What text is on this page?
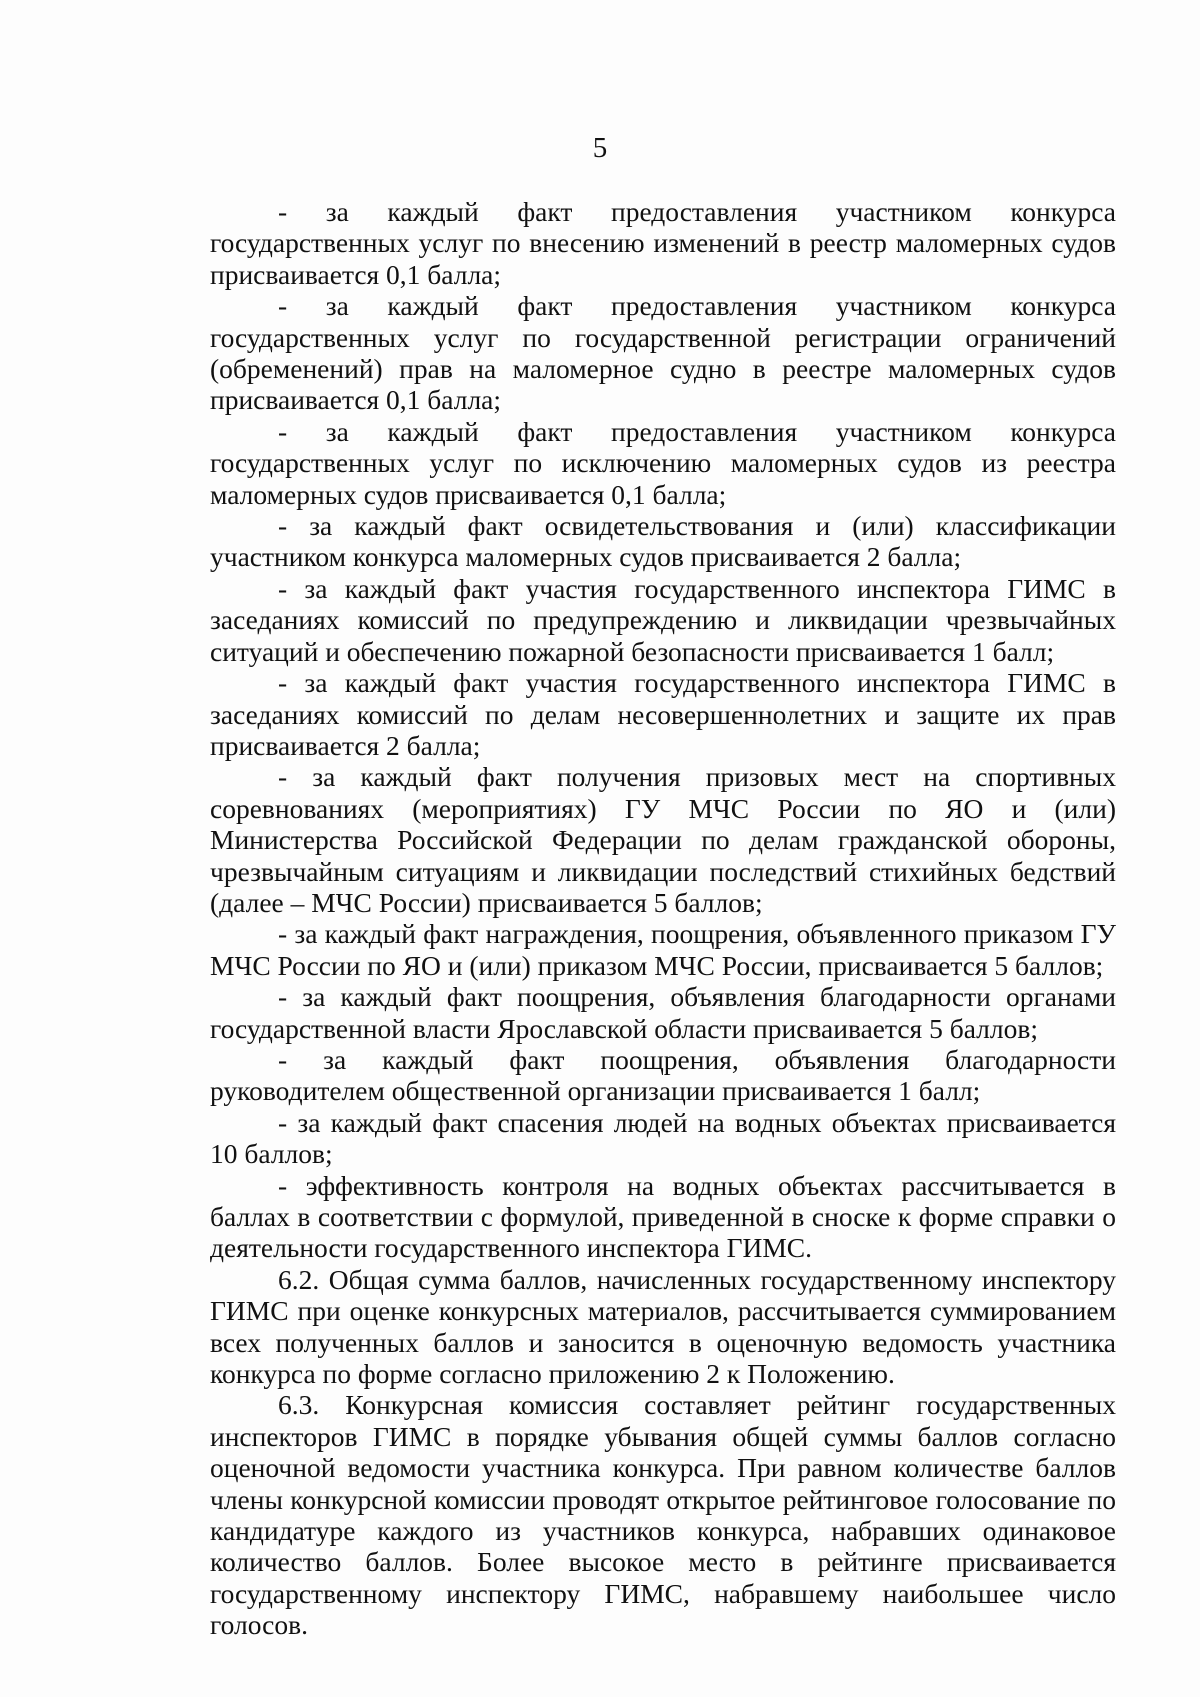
5

- за каждый факт предоставления участником конкурса государственных услуг по внесению изменений в реестр маломерных судов присваивается 0,1 балла;

- за каждый факт предоставления участником конкурса государственных услуг по государственной регистрации ограничений (обременений) прав на маломерное судно в реестре маломерных судов присваивается 0,1 балла;

- за каждый факт предоставления участником конкурса государственных услуг по исключению маломерных судов из реестра маломерных судов присваивается 0,1 балла;

- за каждый факт освидетельствования и (или) классификации участником конкурса маломерных судов присваивается 2 балла;

- за каждый факт участия государственного инспектора ГИМС в заседаниях комиссий по предупреждению и ликвидации чрезвычайных ситуаций и обеспечению пожарной безопасности присваивается 1 балл;

- за каждый факт участия государственного инспектора ГИМС в заседаниях комиссий по делам несовершеннолетних и защите их прав присваивается 2 балла;

- за каждый факт получения призовых мест на спортивных соревнованиях (мероприятиях) ГУ МЧС России по ЯО и (или) Министерства Российской Федерации по делам гражданской обороны, чрезвычайным ситуациям и ликвидации последствий стихийных бедствий (далее – МЧС России) присваивается 5 баллов;

- за каждый факт награждения, поощрения, объявленного приказом ГУ МЧС России по ЯО и (или) приказом МЧС России, присваивается 5 баллов;

- за каждый факт поощрения, объявления благодарности органами государственной власти Ярославской области присваивается 5 баллов;

- за каждый факт поощрения, объявления благодарности руководителем общественной организации присваивается 1 балл;

- за каждый факт спасения людей на водных объектах присваивается 10 баллов;

- эффективность контроля на водных объектах рассчитывается в баллах в соответствии с формулой, приведенной в сноске к форме справки о деятельности государственного инспектора ГИМС.

6.2. Общая сумма баллов, начисленных государственному инспектору ГИМС при оценке конкурсных материалов, рассчитывается суммированием всех полученных баллов и заносится в оценочную ведомость участника конкурса по форме согласно приложению 2 к Положению.

6.3. Конкурсная комиссия составляет рейтинг государственных инспекторов ГИМС в порядке убывания общей суммы баллов согласно оценочной ведомости участника конкурса. При равном количестве баллов члены конкурсной комиссии проводят открытое рейтинговое голосование по кандидатуре каждого из участников конкурса, набравших одинаковое количество баллов. Более высокое место в рейтинге присваивается государственному инспектору ГИМС, набравшему наибольшее число голосов.
